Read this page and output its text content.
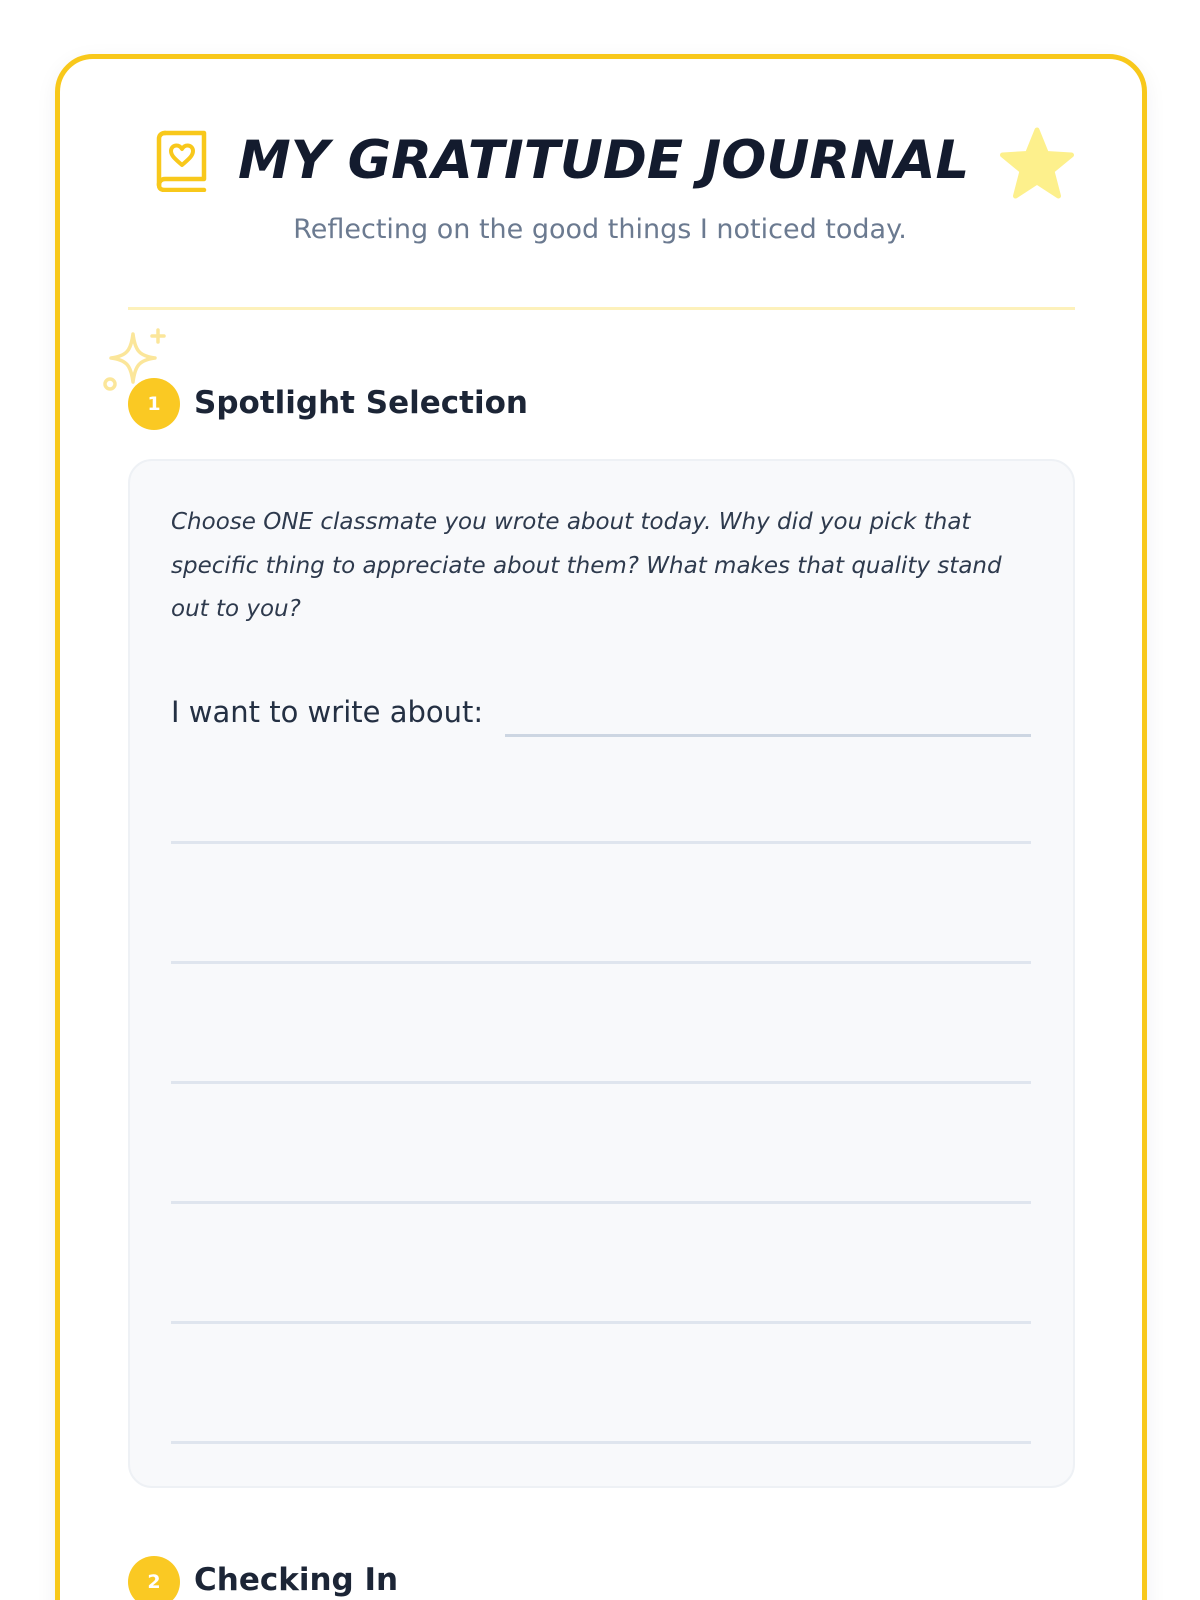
MY GRATITUDE JOURNAL
Reflecting on the good things I noticed today.
1	Spotlight Selection

Choose ONE classmate you wrote about today. Why did you pick that specific thing to appreciate about them? What makes that quality stand out to you?

I want to write about:
2	Checking In
